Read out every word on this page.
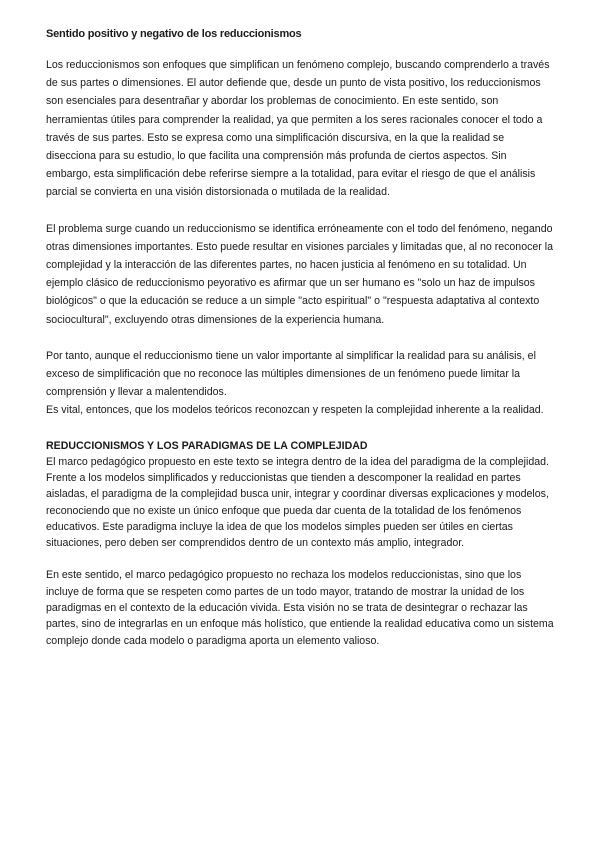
Sentido positivo y negativo de los reduccionismos

Los reduccionismos son enfoques que simplifican un fenómeno complejo, buscando comprenderlo a través de sus partes o dimensiones. El autor defiende que, desde un punto de vista positivo, los reduccionismos son esenciales para desentrañar y abordar los problemas de conocimiento. En este sentido, son herramientas útiles para comprender la realidad, ya que permiten a los seres racionales conocer el todo a través de sus partes. Esto se expresa como una simplificación discursiva, en la que la realidad se disecciona para su estudio, lo que facilita una comprensión más profunda de ciertos aspectos. Sin embargo, esta simplificación debe referirse siempre a la totalidad, para evitar el riesgo de que el análisis parcial se convierta en una visión distorsionada o mutilada de la realidad.

El problema surge cuando un reduccionismo se identifica erróneamente con el todo del fenómeno, negando otras dimensiones importantes. Esto puede resultar en visiones parciales y limitadas que, al no reconocer la complejidad y la interacción de las diferentes partes, no hacen justicia al fenómeno en su totalidad. Un ejemplo clásico de reduccionismo peyorativo es afirmar que un ser humano es "solo un haz de impulsos biológicos" o que la educación se reduce a un simple "acto espiritual" o "respuesta adaptativa al contexto sociocultural", excluyendo otras dimensiones de la experiencia humana.

Por tanto, aunque el reduccionismo tiene un valor importante al simplificar la realidad para su análisis, el exceso de simplificación que no reconoce las múltiples dimensiones de un fenómeno puede limitar la comprensión y llevar a malentendidos.

Es vital, entonces, que los modelos teóricos reconozcan y respeten la complejidad inherente a la realidad.

REDUCCIONISMOS Y LOS PARADIGMAS DE LA COMPLEJIDAD

El marco pedagógico propuesto en este texto se integra dentro de la idea del paradigma de la complejidad. Frente a los modelos simplificados y reduccionistas que tienden a descomponer la realidad en partes aisladas, el paradigma de la complejidad busca unir, integrar y coordinar diversas explicaciones y modelos, reconociendo que no existe un único enfoque que pueda dar cuenta de la totalidad de los fenómenos educativos. Este paradigma incluye la idea de que los modelos simples pueden ser útiles en ciertas situaciones, pero deben ser comprendidos dentro de un contexto más amplio, integrador.

En este sentido, el marco pedagógico propuesto no rechaza los modelos reduccionistas, sino que los incluye de forma que se respeten como partes de un todo mayor, tratando de mostrar la unidad de los paradigmas en el contexto de la educación vivida. Esta visión no se trata de desintegrar o rechazar las partes, sino de integrarlas en un enfoque más holístico, que entiende la realidad educativa como un sistema complejo donde cada modelo o paradigma aporta un elemento valioso.
